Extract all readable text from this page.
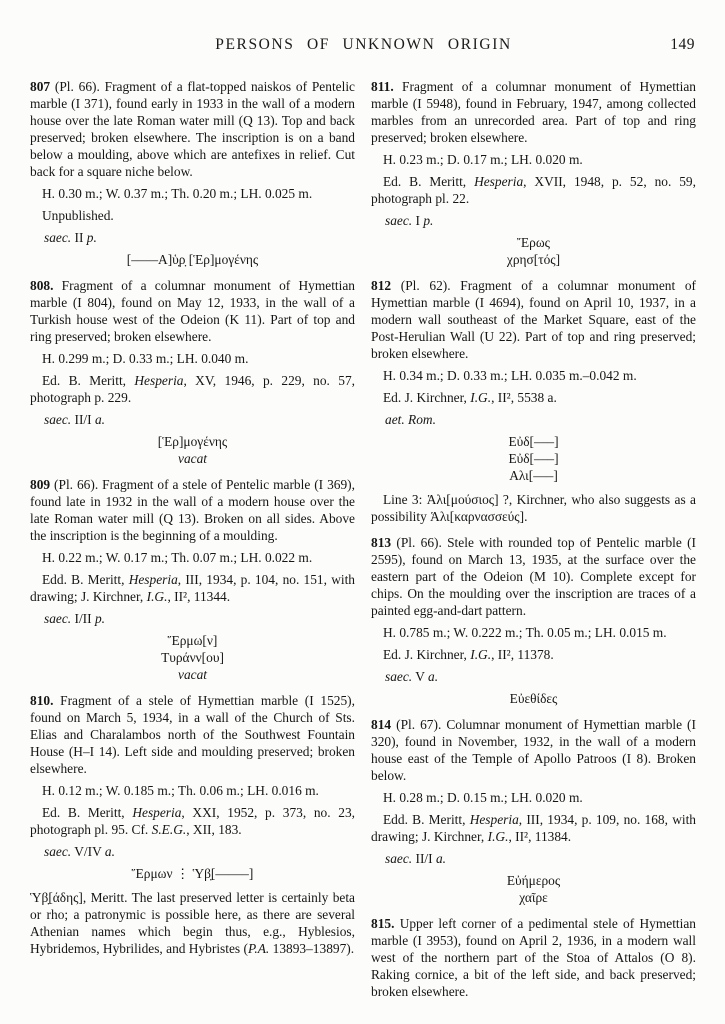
PERSONS OF UNKNOWN ORIGIN	149

807 (Pl. 66). Fragment of a flat-topped naiskos of Pentelic marble (I 371), found early in 1933 in the wall of a modern house over the late Roman water mill (Q 13). Top and back preserved; broken elsewhere. The inscription is on a band below a moulding, above which are antefixes in relief. Cut back for a square niche below.

H. 0.30 m.; W. 0.37 m.; Th. 0.20 m.; LH. 0.025 m.

Unpublished.

saec. II p.

[––––Α]ὑ̣ρ̣ [Ἑρ]μογένης

808. Fragment of a columnar monument of Hymettian marble (I 804), found on May 12, 1933, in the wall of a Turkish house west of the Odeion (K 11). Part of top and ring preserved; broken elsewhere.

H. 0.299 m.; D. 0.33 m.; LH. 0.040 m.

Ed. B. Meritt, Hesperia, XV, 1946, p. 229, no. 57, photograph p. 229.

saec. II/I a.

[Ἑρ]μογένης
vacat

809 (Pl. 66). Fragment of a stele of Pentelic marble (I 369), found late in 1932 in the wall of a modern house over the late Roman water mill (Q 13). Broken on all sides. Above the inscription is the beginning of a moulding.

H. 0.22 m.; W. 0.17 m.; Th. 0.07 m.; LH. 0.022 m.

Edd. B. Meritt, Hesperia, III, 1934, p. 104, no. 151, with drawing; J. Kirchner, I.G., II², 11344.

saec. I/II p.

Ἕρμω[ν]
Τυράνν[ου]
vacat

810. Fragment of a stele of Hymettian marble (I 1525), found on March 5, 1934, in a wall of the Church of Sts. Elias and Charalambos north of the Southwest Fountain House (H–I 14). Left side and moulding preserved; broken elsewhere.

H. 0.12 m.; W. 0.185 m.; Th. 0.06 m.; LH. 0.016 m.

Ed. B. Meritt, Hesperia, XXI, 1952, p. 373, no. 23, photograph pl. 95. Cf. S.E.G., XII, 183.

saec. V/IV a.

Ἕρμων ⋮ Ὑβ̣[–––––]

Ὑβ̣[άδης], Meritt. The last preserved letter is certainly beta or rho; a patronymic is possible here, as there are several Athenian names which begin thus, e.g., Hyblesios, Hybridemos, Hybrilides, and Hybristes (P.A. 13893–13897).

811. Fragment of a columnar monument of Hymettian marble (I 5948), found in February, 1947, among collected marbles from an unrecorded area. Part of top and ring preserved; broken elsewhere.

H. 0.23 m.; D. 0.17 m.; LH. 0.020 m.

Ed. B. Meritt, Hesperia, XVII, 1948, p. 52, no. 59, photograph pl. 22.

saec. I p.

Ἔρως
χρησ[τός]

812 (Pl. 62). Fragment of a columnar monument of Hymettian marble (I 4694), found on April 10, 1937, in a modern wall southeast of the Market Square, east of the Post-Herulian Wall (U 22). Part of top and ring preserved; broken elsewhere.

H. 0.34 m.; D. 0.33 m.; LH. 0.035 m.–0.042 m.

Ed. J. Kirchner, I.G., II², 5538 a.

aet. Rom.

Εὐδ[–––]
Εὐδ[–––]
Αλι[–––]

Line 3: Ἁλι[μούσιος] ?, Kirchner, who also suggests as a possibility Ἁλι[καρνασσεύς].

813 (Pl. 66). Stele with rounded top of Pentelic marble (I 2595), found on March 13, 1935, at the surface over the eastern part of the Odeion (M 10). Complete except for chips. On the moulding over the inscription are traces of a painted egg-and-dart pattern.

H. 0.785 m.; W. 0.222 m.; Th. 0.05 m.; LH. 0.015 m.

Ed. J. Kirchner, I.G., II², 11378.

saec. V a.

Εὐεθίδες

814 (Pl. 67). Columnar monument of Hymettian marble (I 320), found in November, 1932, in the wall of a modern house east of the Temple of Apollo Patroos (I 8). Broken below.

H. 0.28 m.; D. 0.15 m.; LH. 0.020 m.

Edd. B. Meritt, Hesperia, III, 1934, p. 109, no. 168, with drawing; J. Kirchner, I.G., II², 11384.

saec. II/I a.

Εὐήμερος
χαῖρε

815. Upper left corner of a pedimental stele of Hymettian marble (I 3953), found on April 2, 1936, in a modern wall west of the northern part of the Stoa of Attalos (O 8). Raking cornice, a bit of the left side, and back preserved; broken elsewhere.
